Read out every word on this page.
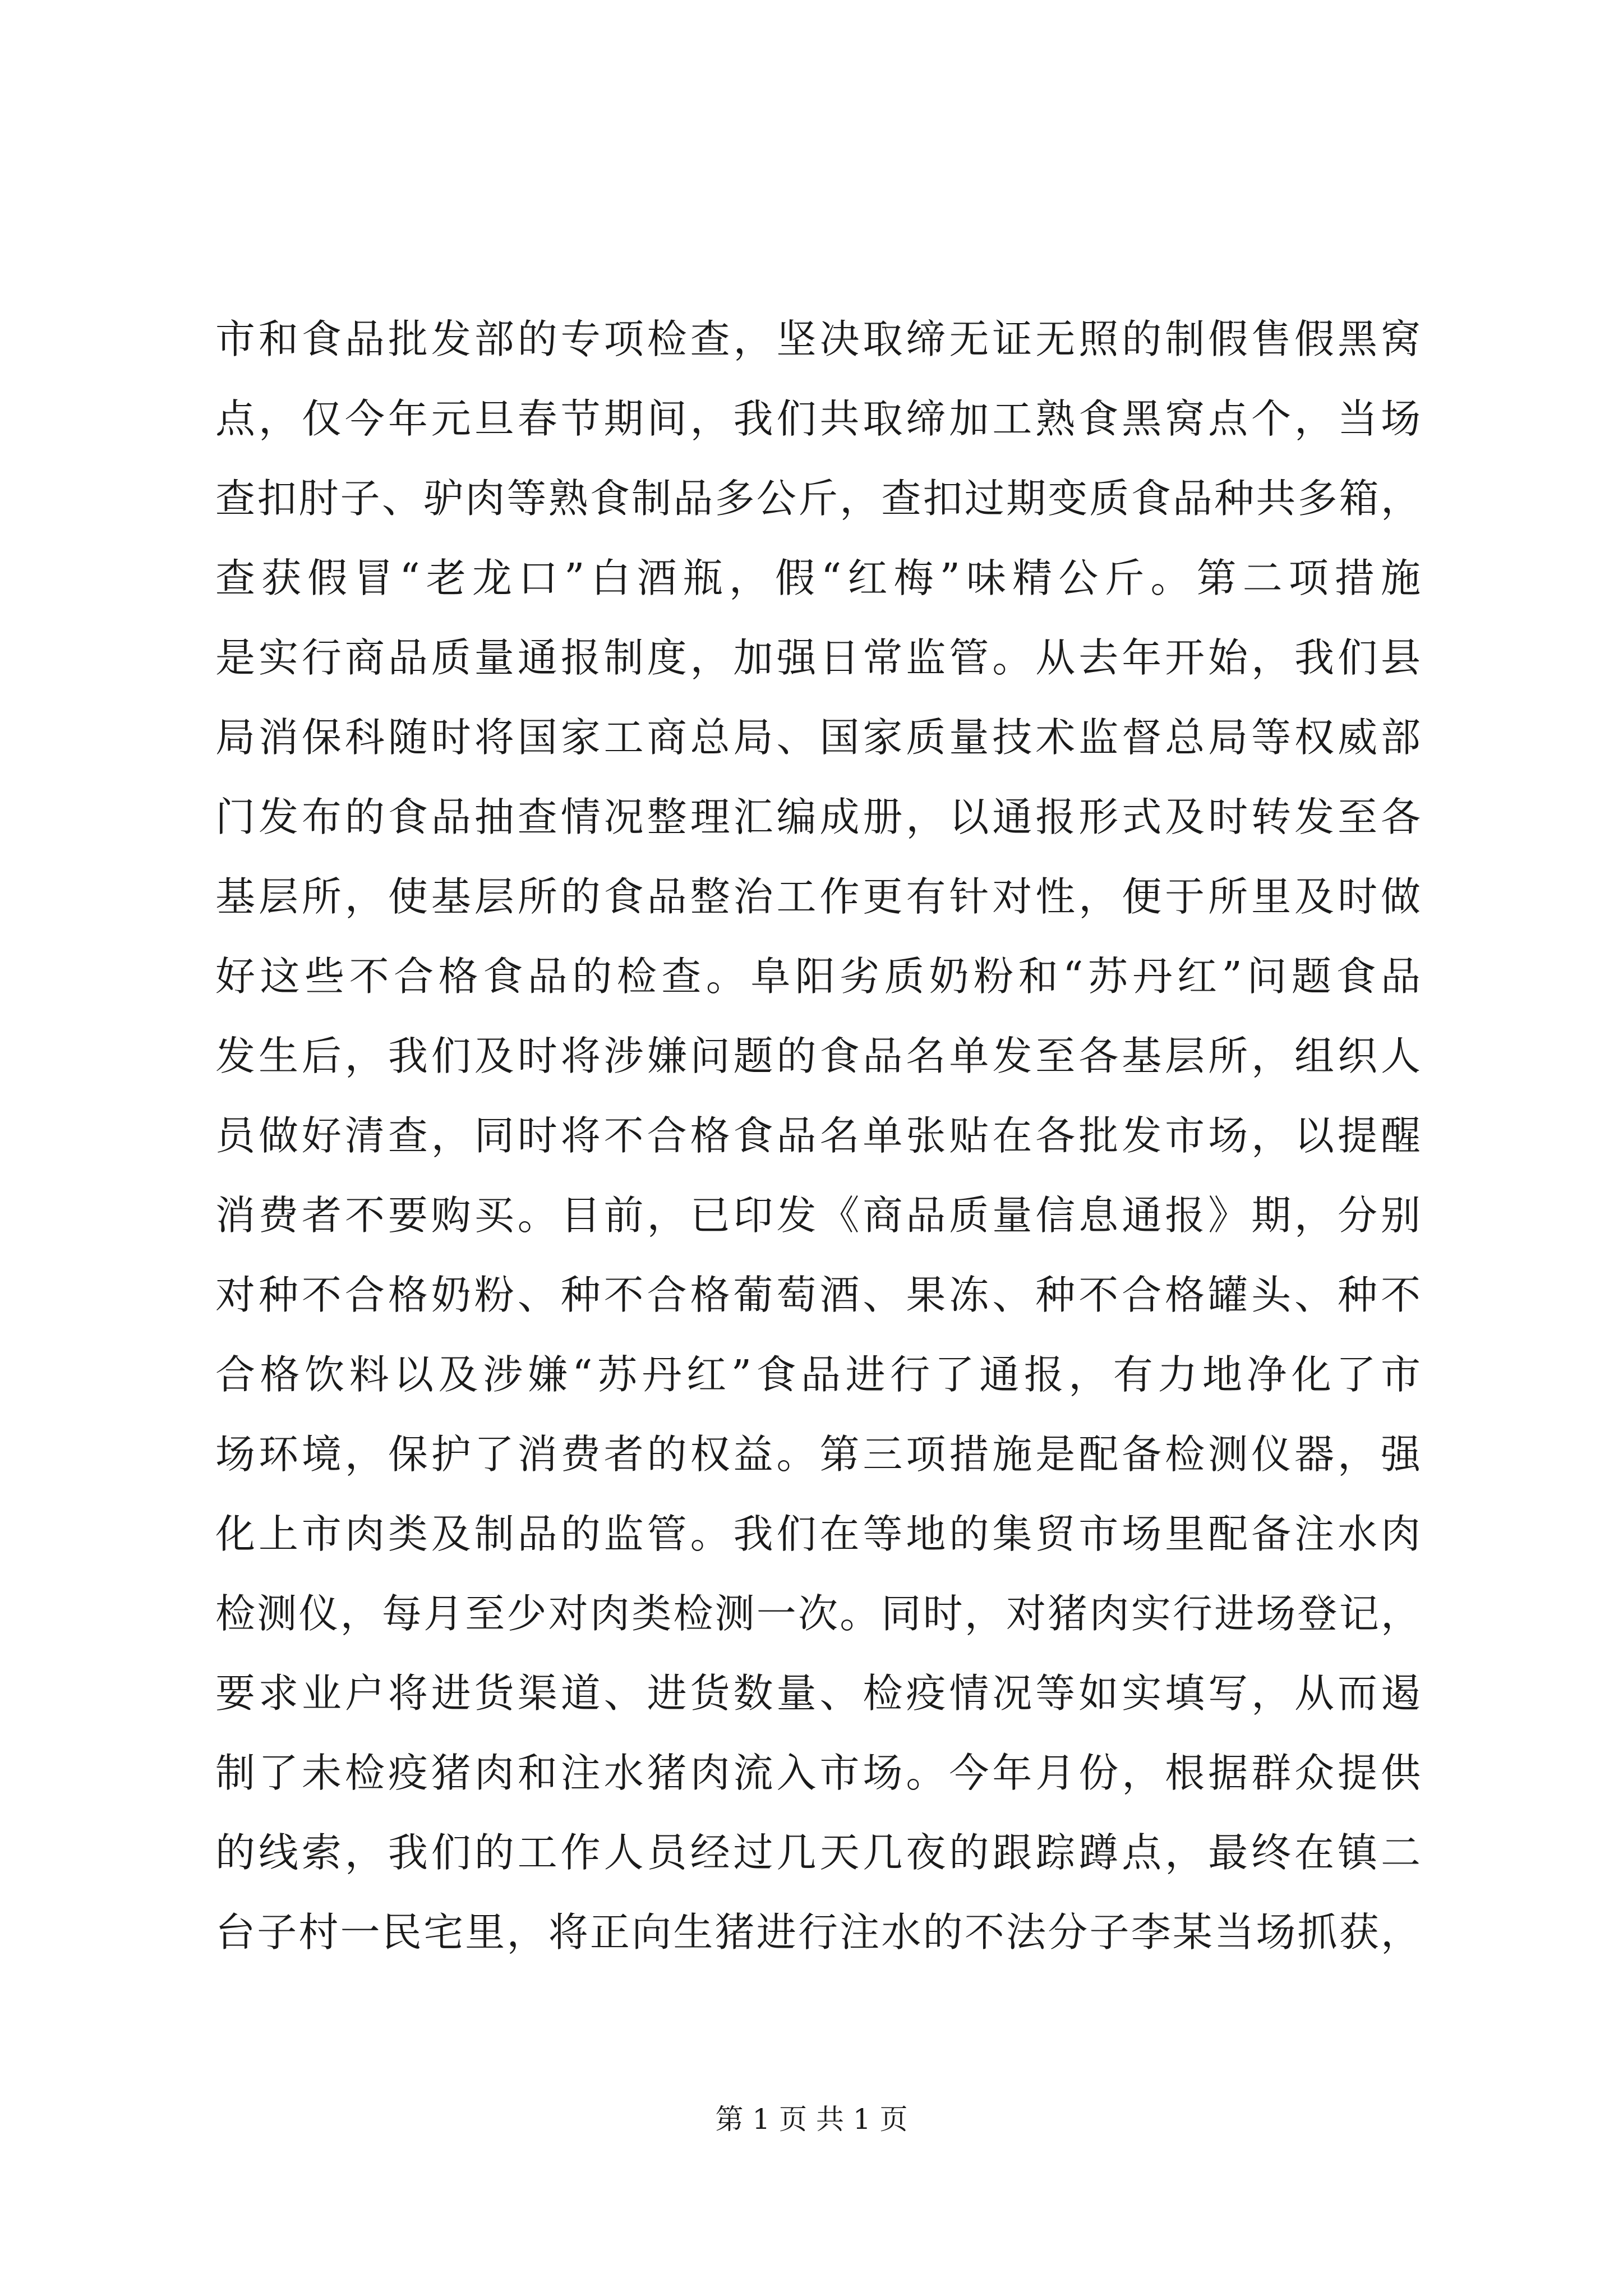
市和食品批发部的专项检查，坚决取缔无证无照的制假售假黑窝
点，仅今年元旦春节期间，我们共取缔加工熟食黑窝点个，当场
查扣肘子、驴肉等熟食制品多公斤，查扣过期变质食品种共多箱，
查获假冒“老龙口”白酒瓶，假“红梅”味精公斤。第二项措施
是实行商品质量通报制度，加强日常监管。从去年开始，我们县
局消保科随时将国家工商总局、国家质量技术监督总局等权威部
门发布的食品抽查情况整理汇编成册，以通报形式及时转发至各
基层所，使基层所的食品整治工作更有针对性，便于所里及时做
好这些不合格食品的检查。阜阳劣质奶粉和“苏丹红”问题食品
发生后，我们及时将涉嫌问题的食品名单发至各基层所，组织人
员做好清查，同时将不合格食品名单张贴在各批发市场，以提醒
消费者不要购买。目前，已印发《商品质量信息通报》期，分别
对种不合格奶粉、种不合格葡萄酒、果冻、种不合格罐头、种不
合格饮料以及涉嫌“苏丹红”食品进行了通报，有力地净化了市
场环境，保护了消费者的权益。第三项措施是配备检测仪器，强
化上市肉类及制品的监管。我们在等地的集贸市场里配备注水肉
检测仪，每月至少对肉类检测一次。同时，对猪肉实行进场登记，
要求业户将进货渠道、进货数量、检疫情况等如实填写，从而遏
制了未检疫猪肉和注水猪肉流入市场。今年月份，根据群众提供
的线索，我们的工作人员经过几天几夜的跟踪蹲点，最终在镇二
台子村一民宅里，将正向生猪进行注水的不法分子李某当场抓获，
第 1 页 共 1 页
